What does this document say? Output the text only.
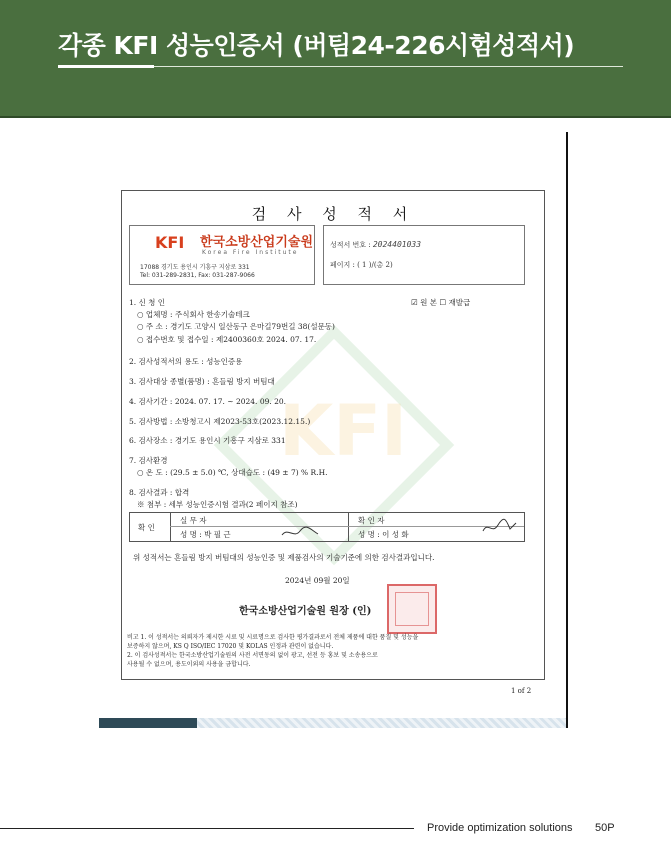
각종 KFI 성능인증서 (버팀24-226시험성적서)
KFI
검 사 성 적 서
KFI 한국소방산업기술원
Korea Fire Institute
17088 경기도 용인시 기흥구 지삼로 331
Tel: 031-289-2831, Fax: 031-287-9066
성적서 번호 : 2024401033
페이지 : ( 1 )/(총 2)
1. 신 청 인	☑ 원 본 ☐ 재발급
○ 업체명 : 주식회사 한송기술테크
○ 주 소 : 경기도 고양시 일산동구 은마길79번길 38(설문동)
○ 접수번호 및 접수일 : 제2400360호 2024. 07. 17.
2. 검사성적서의 용도 : 성능인증용
3. 검사대상 종별(품명) : 흔들림 방지 버팀대
4. 검사기간 : 2024. 07. 17. ~ 2024. 09. 20.
5. 검사방법 : 소방청고시 제2023-53호(2023.12.15.)
6. 검사장소 : 경기도 용인시 기흥구 지삼로 331
7. 검사환경
○ 온 도 : (29.5 ± 5.0) ℃, 상대습도 : (49 ± 7) % R.H.
8. 검사결과 : 합격
※ 첨부 : 세부 성능인증시험 결과(2 페이지 참조)
확 인
실 무 자
성 명 : 박 필 근
확 인 자
성 명 : 이 성 화
위 성적서는 흔들림 방지 버팀대의 성능인증 및 제품검사의 기술기준에 의한 검사결과입니다.
2024년 09월 20일
한국소방산업기술원 원장 (인)
비고 1. 이 성적서는 의뢰자가 제시한 시료 및 시료명으로 검사한 평가결과로서 전체 제품에 대한 품질 및 성능을
보증하지 않으며, KS Q ISO/IEC 17020 및 KOLAS 인정과 관련이 없습니다.
2. 이 검사성적서는 한국소방산업기술원의 사전 서면동의 없이 광고, 선전 등 홍보 및 소송용으로
사용될 수 없으며, 용도이외의 사용을 금합니다.
1 of 2
Provide optimization solutions 50P
